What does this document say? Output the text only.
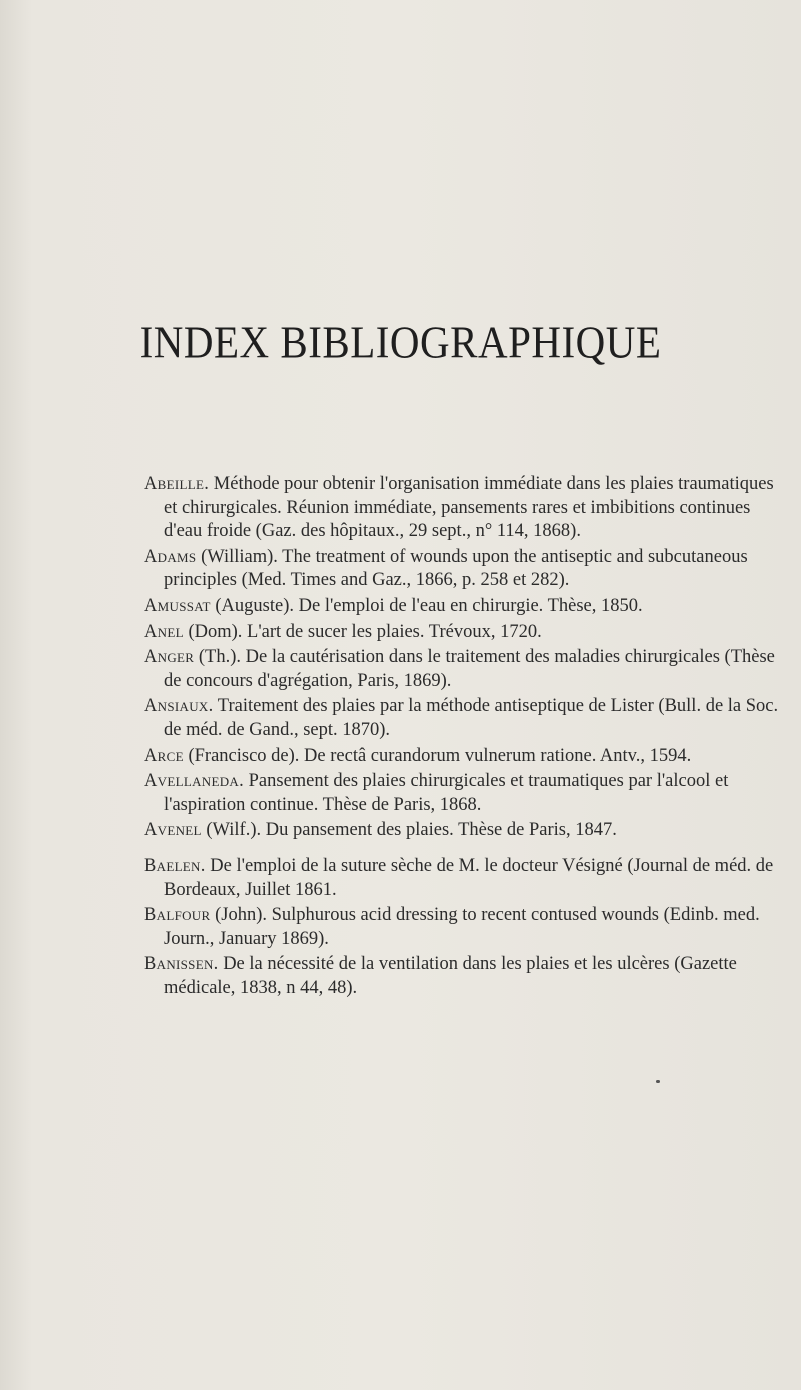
INDEX BIBLIOGRAPHIQUE

Abeille. Méthode pour obtenir l'organisation immédiate dans les plaies traumatiques et chirurgicales. Réunion immédiate, pansements rares et imbibitions continues d'eau froide (Gaz. des hôpitaux., 29 sept., n° 114, 1868).

Adams (William). The treatment of wounds upon the antiseptic and subcutaneous principles (Med. Times and Gaz., 1866, p. 258 et 282).

Amussat (Auguste). De l'emploi de l'eau en chirurgie. Thèse, 1850.

Anel (Dom). L'art de sucer les plaies. Trévoux, 1720.

Anger (Th.). De la cautérisation dans le traitement des maladies chirurgicales (Thèse de concours d'agrégation, Paris, 1869).

Ansiaux. Traitement des plaies par la méthode antiseptique de Lister (Bull. de la Soc. de méd. de Gand., sept. 1870).

Arce (Francisco de). De rectâ curandorum vulnerum ratione. Antv., 1594.

Avellaneda. Pansement des plaies chirurgicales et traumatiques par l'alcool et l'aspiration continue. Thèse de Paris, 1868.

Avenel (Wilf.). Du pansement des plaies. Thèse de Paris, 1847.

Baelen. De l'emploi de la suture sèche de M. le docteur Vésigné (Journal de méd. de Bordeaux, Juillet 1861.

Balfour (John). Sulphurous acid dressing to recent contused wounds (Edinb. med. Journ., January 1869).

Banissen. De la nécessité de la ventilation dans les plaies et les ulcères (Gazette médicale, 1838, n 44, 48).
